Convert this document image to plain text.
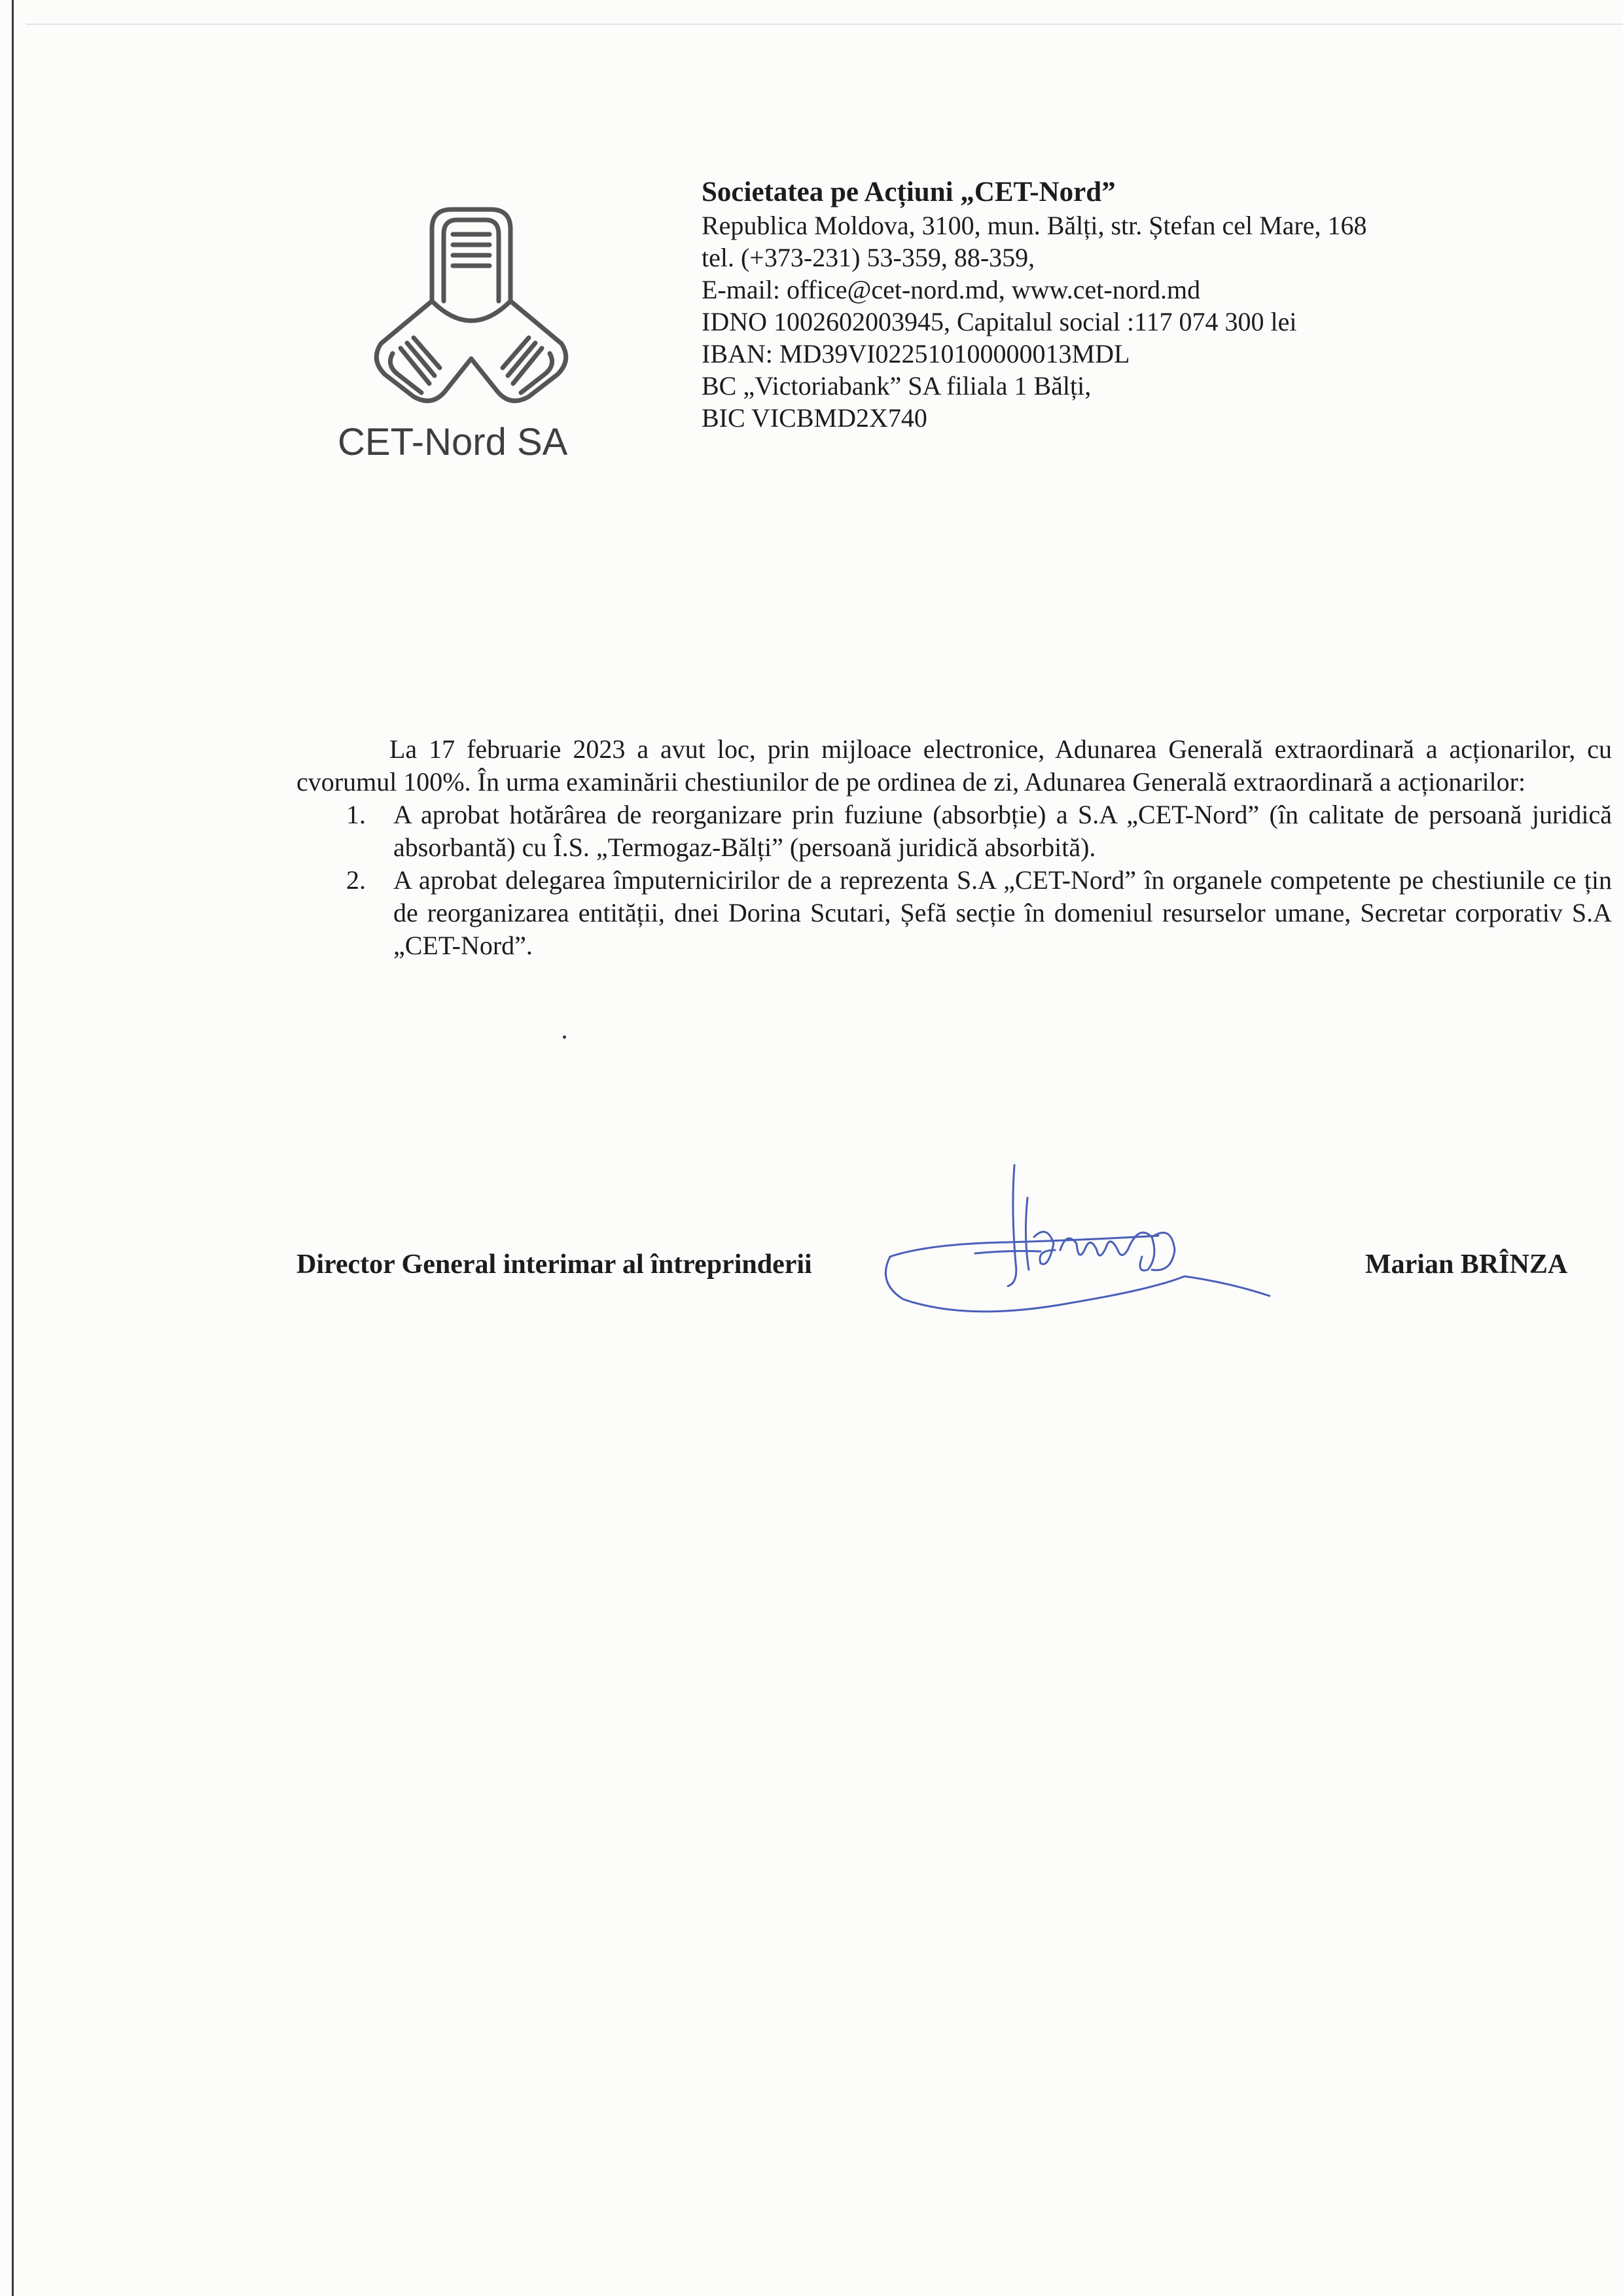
CET-Nord SA
Societatea pe Acțiuni „CET-Nord”
Republica Moldova, 3100, mun. Bălți, str. Ștefan cel Mare, 168
tel. (+373-231) 53-359, 88-359,
E-mail: office@cet-nord.md, www.cet-nord.md
IDNO 1002602003945, Capitalul social :117 074 300 lei
IBAN: MD39VI022510100000013MDL
BC „Victoriabank” SA filiala 1 Bălți,
BIC VICBMD2X740

La 17 februarie 2023 a avut loc, prin mijloace electronice, Adunarea Generală extraordinară a acționarilor, cu cvorumul 100%. În urma examinării chestiunilor de pe ordinea de zi, Adunarea Generală extraordinară a acționarilor:

1. A aprobat hotărârea de reorganizare prin fuziune (absorbție) a S.A „CET-Nord” (în calitate de persoană juridică absorbantă) cu Î.S. „Termogaz-Bălți” (persoană juridică absorbită).
2. A aprobat delegarea împuternicirilor de a reprezenta S.A „CET-Nord” în organele competente pe chestiunile ce țin de reorganizarea entității, dnei Dorina Scutari, Șefă secție în domeniul resurselor umane, Secretar corporativ S.A „CET-Nord”.
Director General interimar al întreprinderii	Marian BRÎNZA
